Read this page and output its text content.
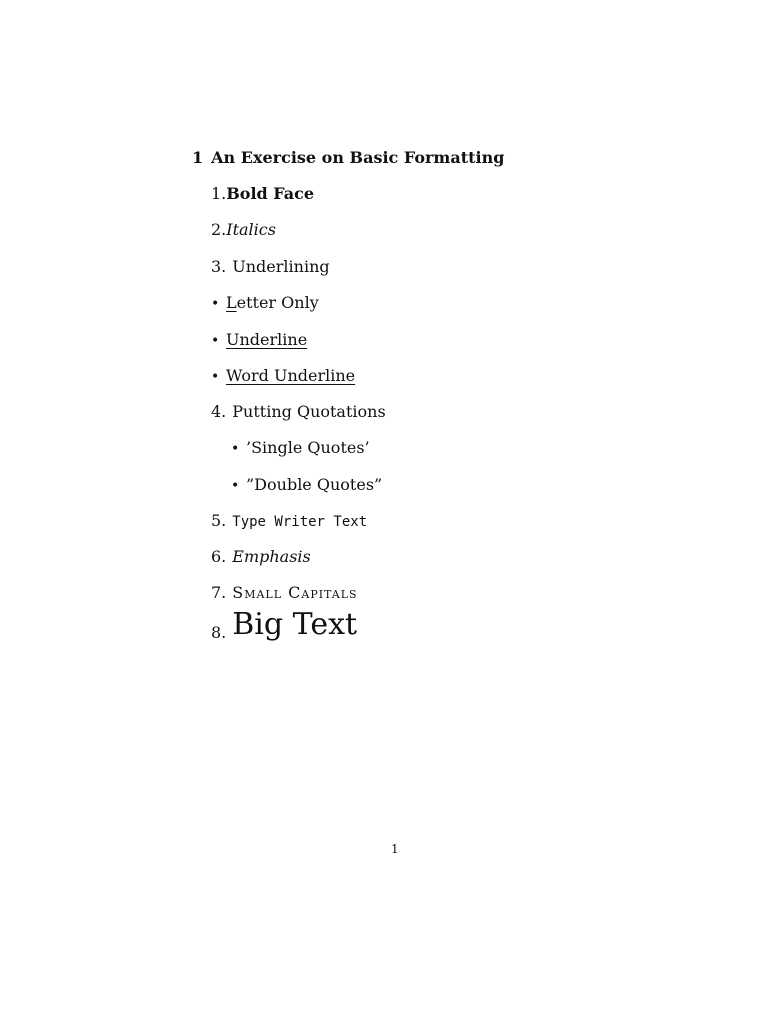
1 An Exercise on Basic Formatting
1.Bold Face
2.Italics
3. Underlining
• Letter Only
• Underline
• Word Underline
4. Putting Quotations
• ’Single Quotes’
• ”Double Quotes”
5. Type Writer Text
6. Emphasis
7. Small Capitals
8. Big Text
1
